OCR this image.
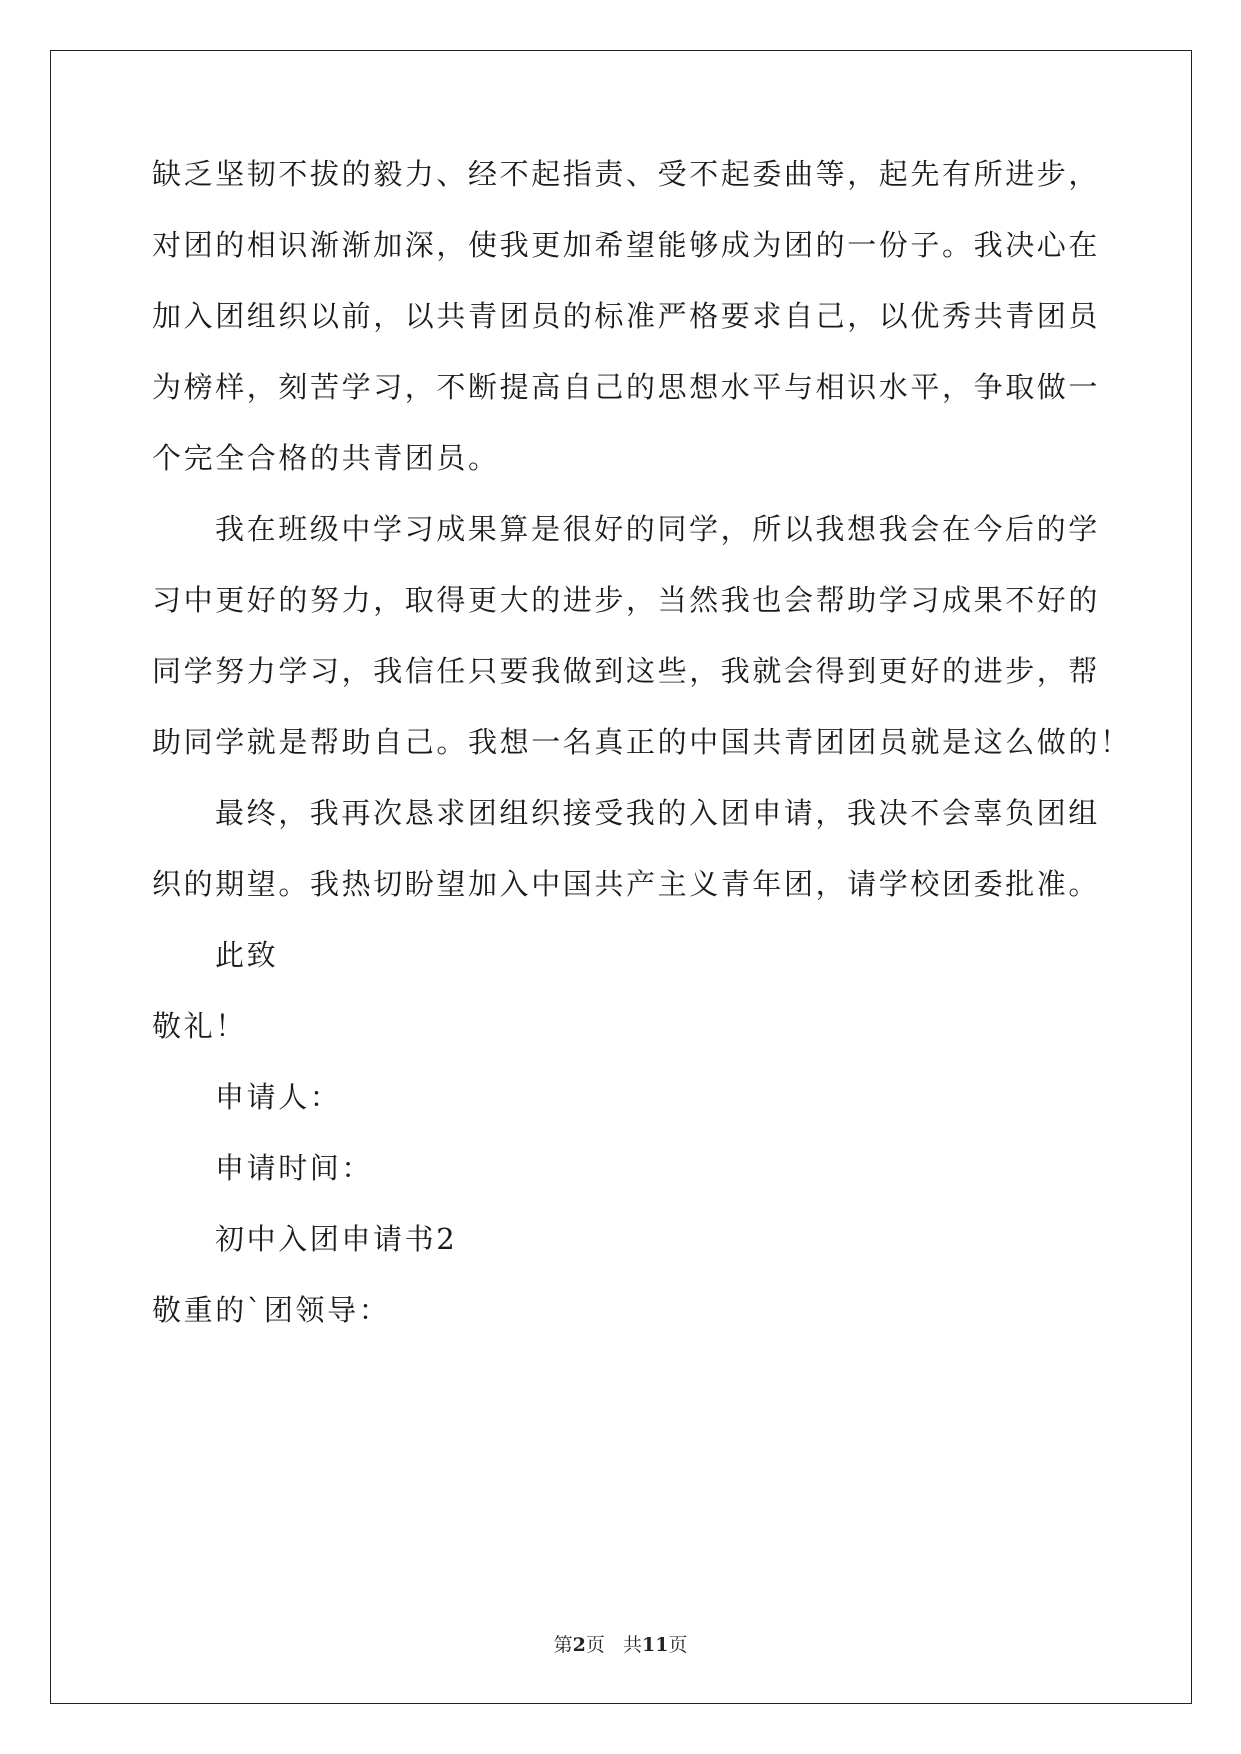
缺乏坚韧不拔的毅力、经不起指责、受不起委曲等，起先有所进步，
对团的相识渐渐加深，使我更加希望能够成为团的一份子。我决心在
加入团组织以前，以共青团员的标准严格要求自己，以优秀共青团员
为榜样，刻苦学习，不断提高自己的思想水平与相识水平，争取做一
个完全合格的共青团员。
我在班级中学习成果算是很好的同学，所以我想我会在今后的学
习中更好的努力，取得更大的进步，当然我也会帮助学习成果不好的
同学努力学习，我信任只要我做到这些，我就会得到更好的进步，帮
助同学就是帮助自己。我想一名真正的中国共青团团员就是这么做的！
最终，我再次恳求团组织接受我的入团申请，我决不会辜负团组
织的期望。我热切盼望加入中国共产主义青年团，请学校团委批准。
此致
敬礼！
申请人：
申请时间：
初中入团申请书2
敬重的`团领导：
第2页 共11页
